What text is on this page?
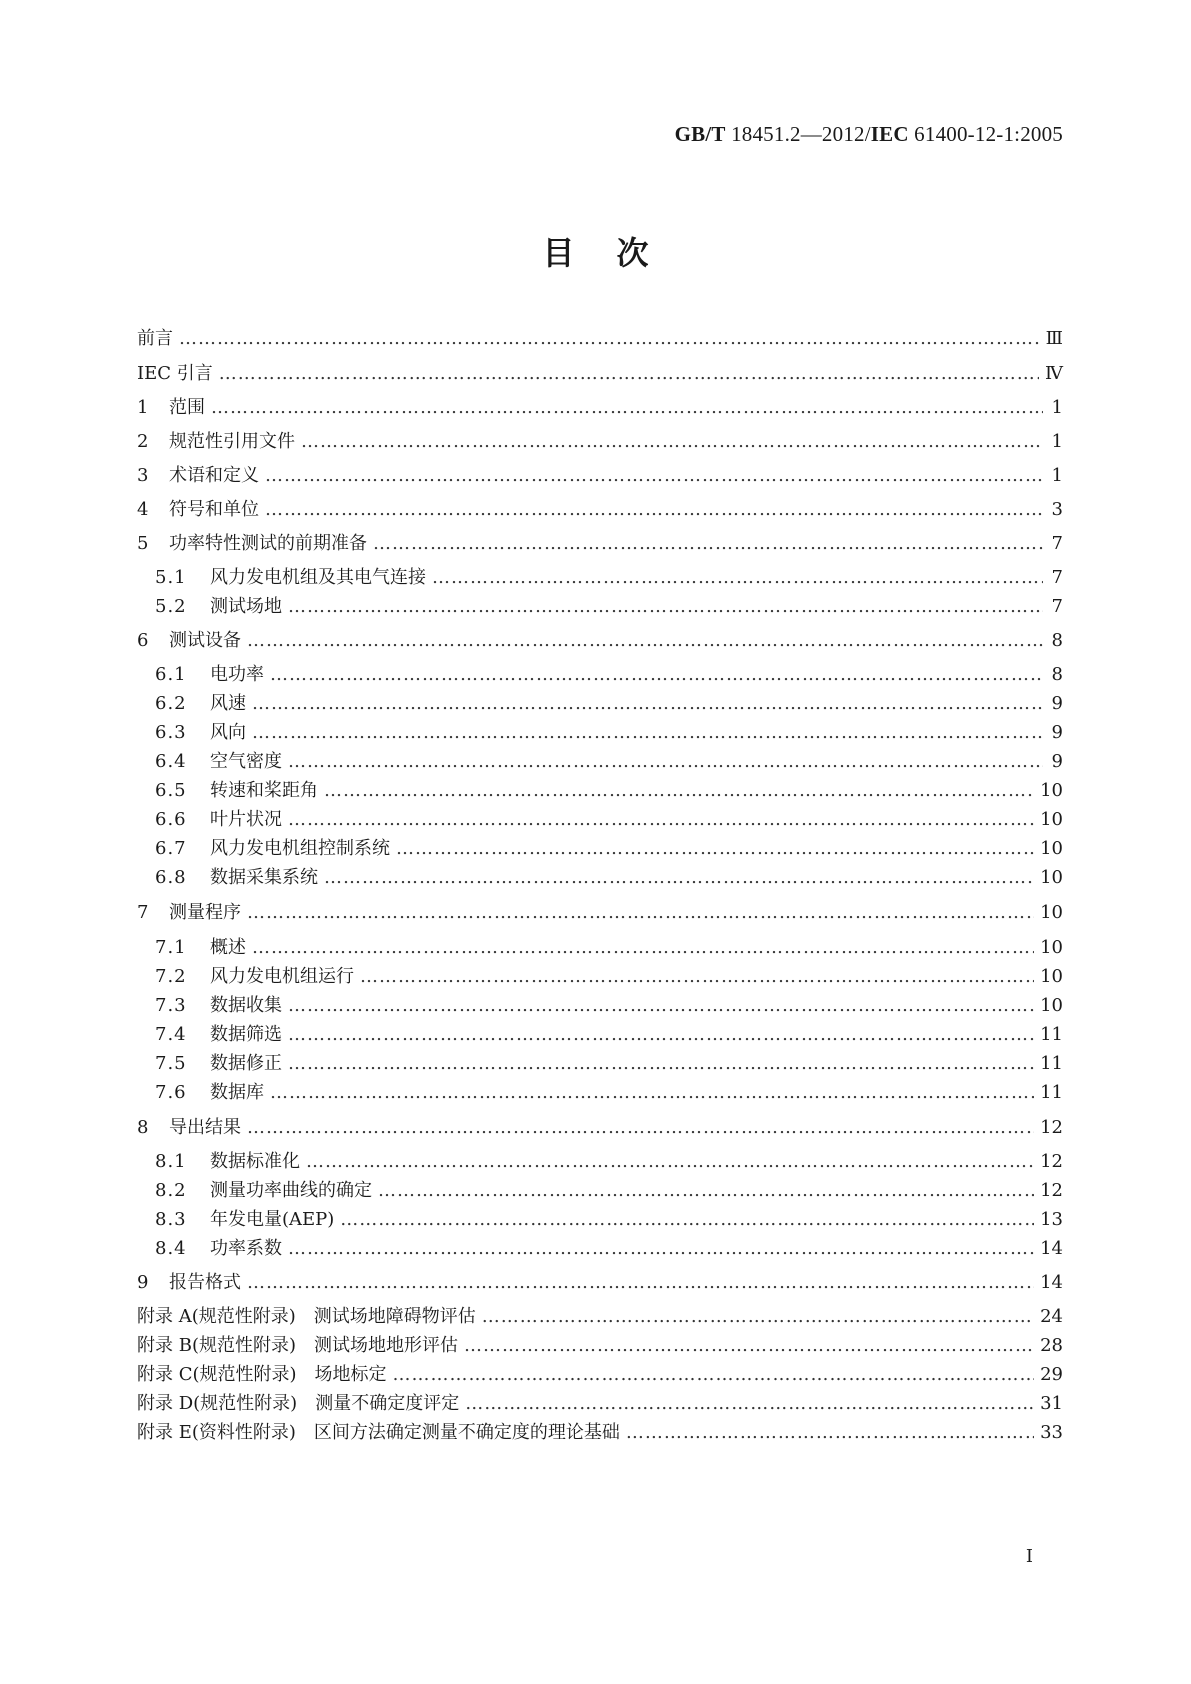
GB/T 18451.2—2012/IEC 61400-12-1:2005
目次
前言 …………………………………………………………………………………………………………………………………………………………………	Ⅲ
IEC 引言 …………………………………………………………………………………………………………………………………………………………………	Ⅳ
1	范围 …………………………………………………………………………………………………………………………………………………………………	1
2	规范性引用文件 …………………………………………………………………………………………………………………………………………………………………	1
3	术语和定义 …………………………………………………………………………………………………………………………………………………………………	1
4	符号和单位 …………………………………………………………………………………………………………………………………………………………………	3
5	功率特性测试的前期准备 …………………………………………………………………………………………………………………………………………………………………	7
5.1	风力发电机组及其电气连接 …………………………………………………………………………………………………………………………………………………………………	7
5.2	测试场地 …………………………………………………………………………………………………………………………………………………………………	7
6	测试设备 …………………………………………………………………………………………………………………………………………………………………	8
6.1	电功率 …………………………………………………………………………………………………………………………………………………………………	8
6.2	风速 …………………………………………………………………………………………………………………………………………………………………	9
6.3	风向 …………………………………………………………………………………………………………………………………………………………………	9
6.4	空气密度 …………………………………………………………………………………………………………………………………………………………………	9
6.5	转速和桨距角 …………………………………………………………………………………………………………………………………………………………………	10
6.6	叶片状况 …………………………………………………………………………………………………………………………………………………………………	10
6.7	风力发电机组控制系统 …………………………………………………………………………………………………………………………………………………………………	10
6.8	数据采集系统 …………………………………………………………………………………………………………………………………………………………………	10
7	测量程序 …………………………………………………………………………………………………………………………………………………………………	10
7.1	概述 …………………………………………………………………………………………………………………………………………………………………	10
7.2	风力发电机组运行 …………………………………………………………………………………………………………………………………………………………………	10
7.3	数据收集 …………………………………………………………………………………………………………………………………………………………………	10
7.4	数据筛选 …………………………………………………………………………………………………………………………………………………………………	11
7.5	数据修正 …………………………………………………………………………………………………………………………………………………………………	11
7.6	数据库 …………………………………………………………………………………………………………………………………………………………………	11
8	导出结果 …………………………………………………………………………………………………………………………………………………………………	12
8.1	数据标准化 …………………………………………………………………………………………………………………………………………………………………	12
8.2	测量功率曲线的确定 …………………………………………………………………………………………………………………………………………………………………	12
8.3	年发电量(AEP) …………………………………………………………………………………………………………………………………………………………………	13
8.4	功率系数 …………………………………………………………………………………………………………………………………………………………………	14
9	报告格式 …………………………………………………………………………………………………………………………………………………………………	14
附录 A(规范性附录)　测试场地障碍物评估 …………………………………………………………………………………………………………………………………………………………………	24
附录 B(规范性附录)　测试场地地形评估 …………………………………………………………………………………………………………………………………………………………………	28
附录 C(规范性附录)　场地标定 …………………………………………………………………………………………………………………………………………………………………	29
附录 D(规范性附录)　测量不确定度评定 …………………………………………………………………………………………………………………………………………………………………	31
附录 E(资料性附录)　区间方法确定测量不确定度的理论基础 …………………………………………………………………………………………………………………………………………………………………	33
I
